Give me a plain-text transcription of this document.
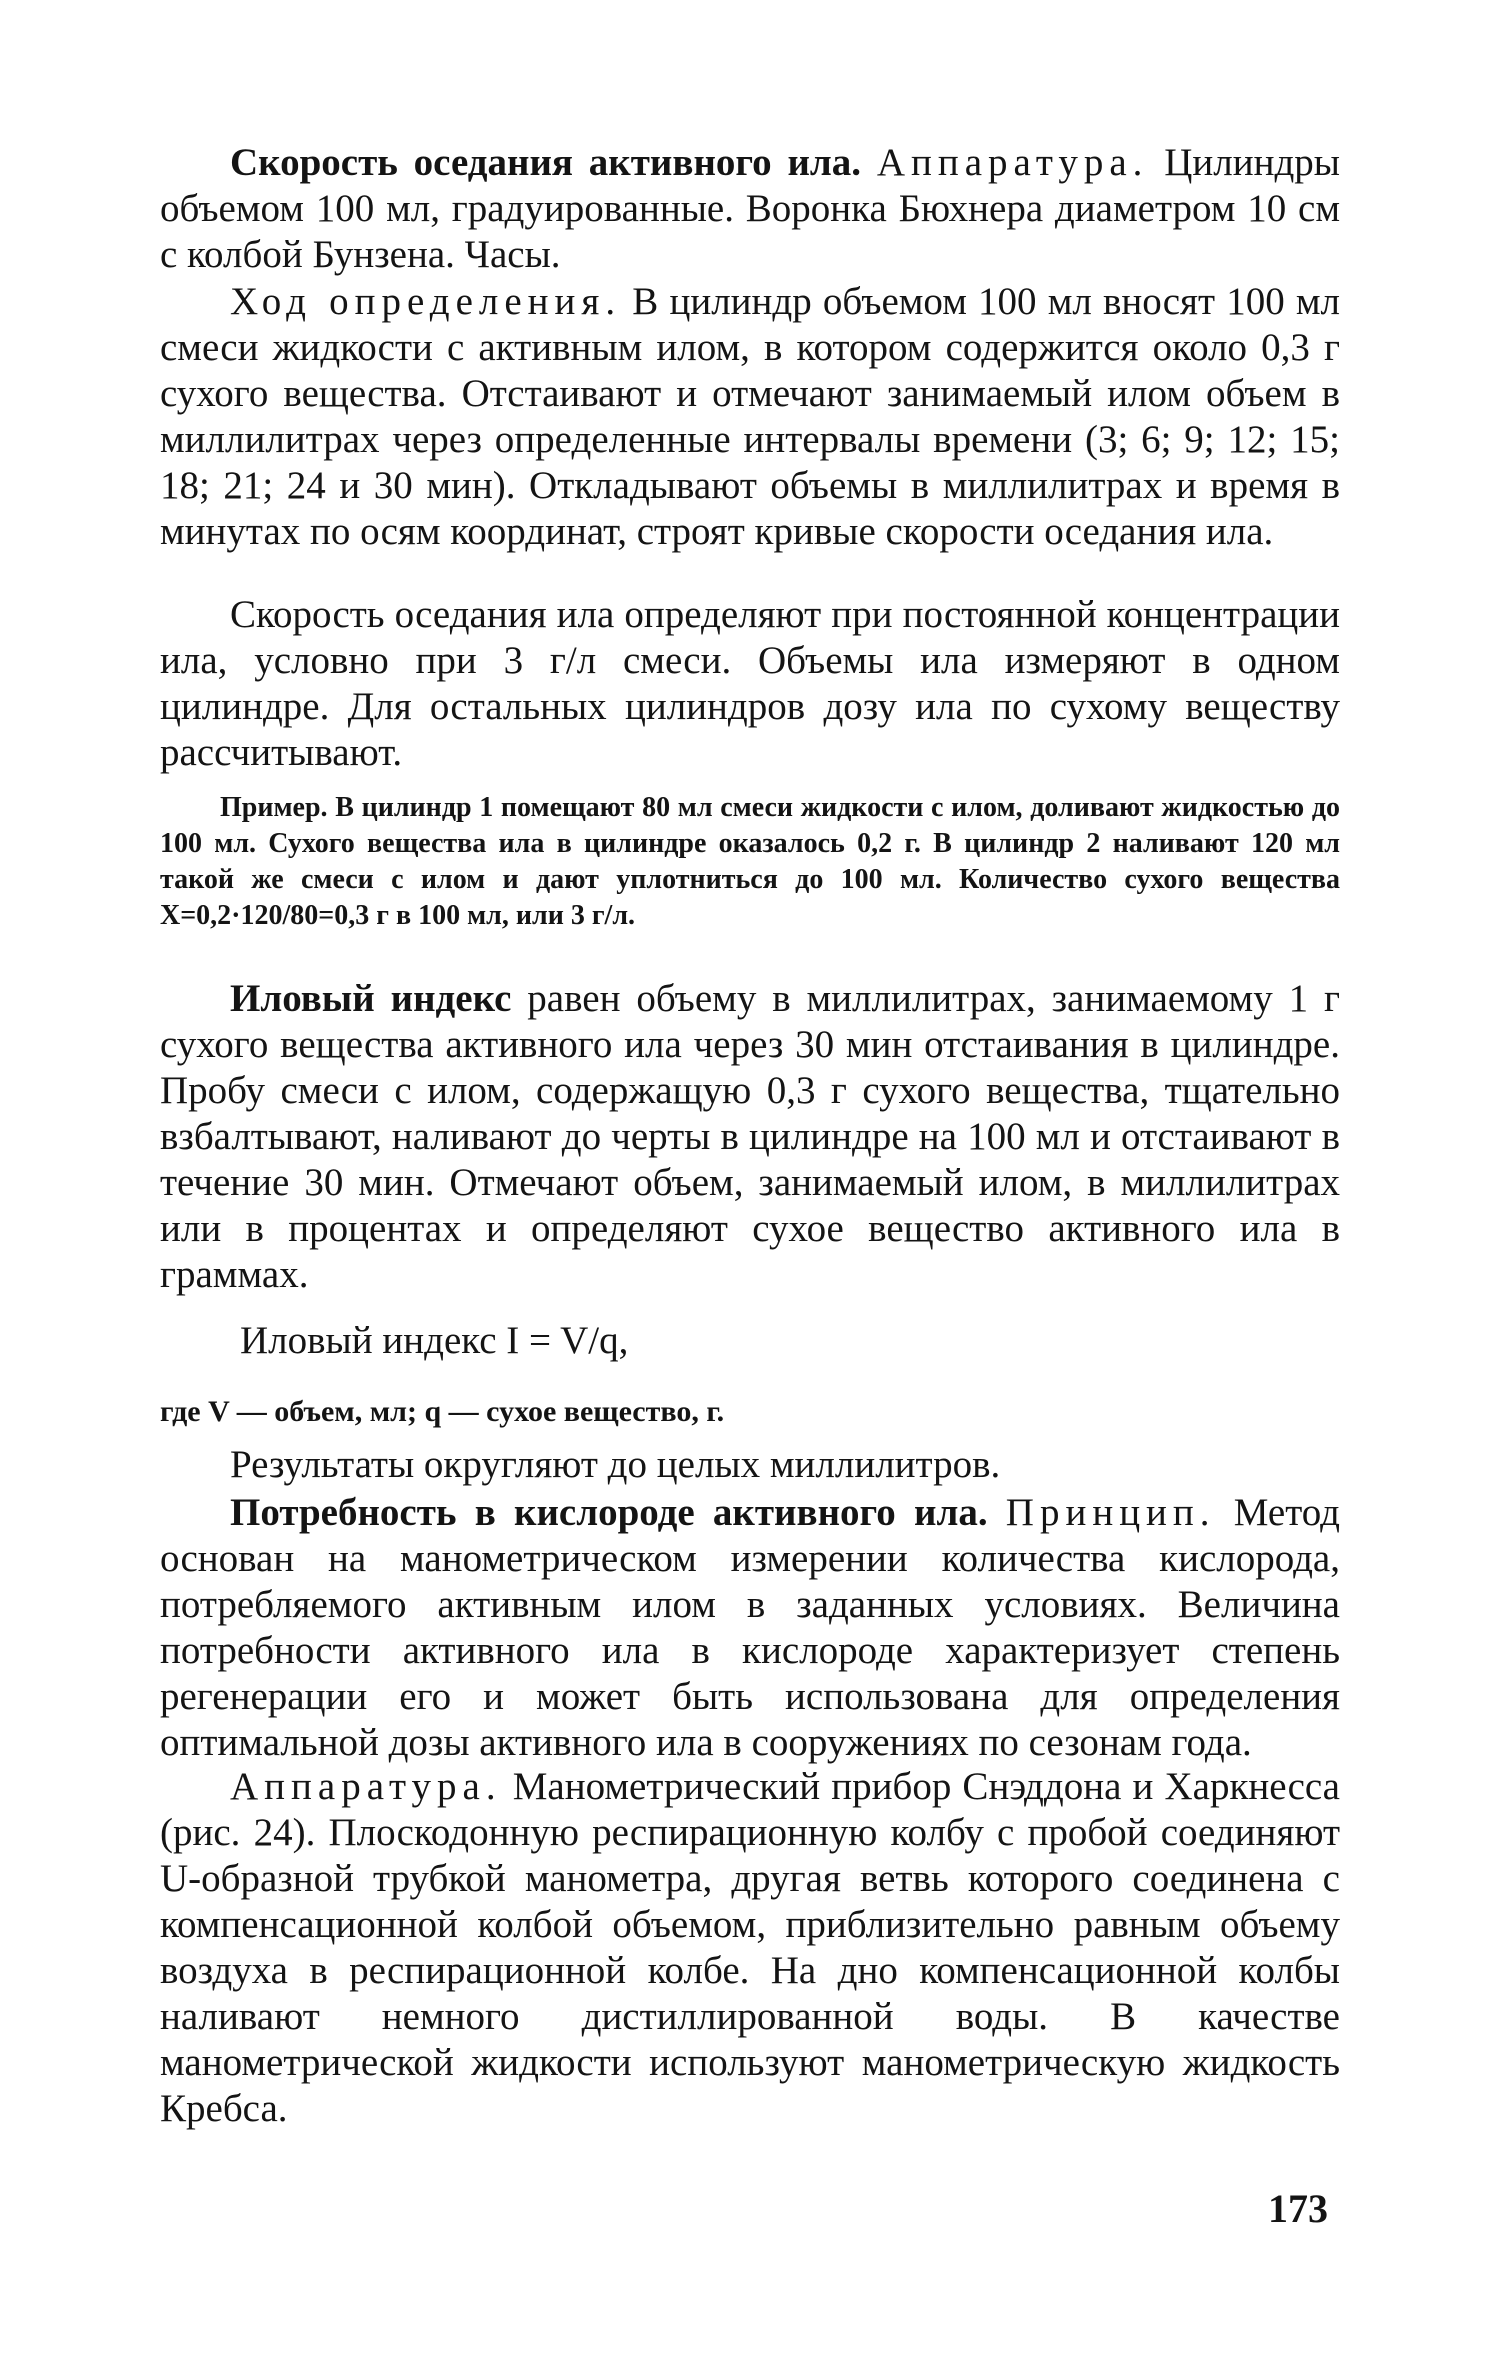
Скорость оседания активного ила. Аппаратура. Цилиндры объемом 100 мл, градуированные. Воронка Бюхнера диаметром 10 см с колбой Бунзена. Часы.

Ход определения. В цилиндр объемом 100 мл вносят 100 мл смеси жидкости с активным илом, в котором содержится около 0,3 г сухого вещества. Отстаивают и отмечают занимаемый илом объем в миллилитрах через определенные интервалы времени (3; 6; 9; 12; 15; 18; 21; 24 и 30 мин). Откладывают объемы в миллилитрах и время в минутах по осям координат, строят кривые скорости оседания ила.

Скорость оседания ила определяют при постоянной концентрации ила, условно при 3 г/л смеси. Объемы ила измеряют в одном цилиндре. Для остальных цилиндров дозу ила по сухому веществу рассчитывают.

Пример. В цилиндр 1 помещают 80 мл смеси жидкости с илом, доливают жидкостью до 100 мл. Сухого вещества ила в цилиндре оказалось 0,2 г. В цилиндр 2 наливают 120 мл такой же смеси с илом и дают уплотниться до 100 мл. Количество сухого вещества X=0,2·120/80=0,3 г в 100 мл, или 3 г/л.

Иловый индекс равен объему в миллилитрах, занимаемому 1 г сухого вещества активного ила через 30 мин отстаивания в цилиндре. Пробу смеси с илом, содержащую 0,3 г сухого вещества, тщательно взбалтывают, наливают до черты в цилиндре на 100 мл и отстаивают в течение 30 мин. Отмечают объем, занимаемый илом, в миллилитрах или в процентах и определяют сухое вещество активного ила в граммах.

Иловый индекс I = V/q,
где V — объем, мл; q — сухое вещество, г.

Результаты округляют до целых миллилитров.

Потребность в кислороде активного ила. Принцип. Метод основан на манометрическом измерении количества кислорода, потребляемого активным илом в заданных условиях. Величина потребности активного ила в кислороде характеризует степень регенерации его и может быть использована для определения оптимальной дозы активного ила в сооружениях по сезонам года.

Аппаратура. Манометрический прибор Снэддона и Харкнесса (рис. 24). Плоскодонную респирационную колбу с пробой соединяют U-образной трубкой манометра, другая ветвь которого соединена с компенсационной колбой объемом, приблизительно равным объему воздуха в респирационной колбе. На дно компенсационной колбы наливают немного дистиллированной воды. В качестве манометрической жидкости используют манометрическую жидкость Кребса.

173
